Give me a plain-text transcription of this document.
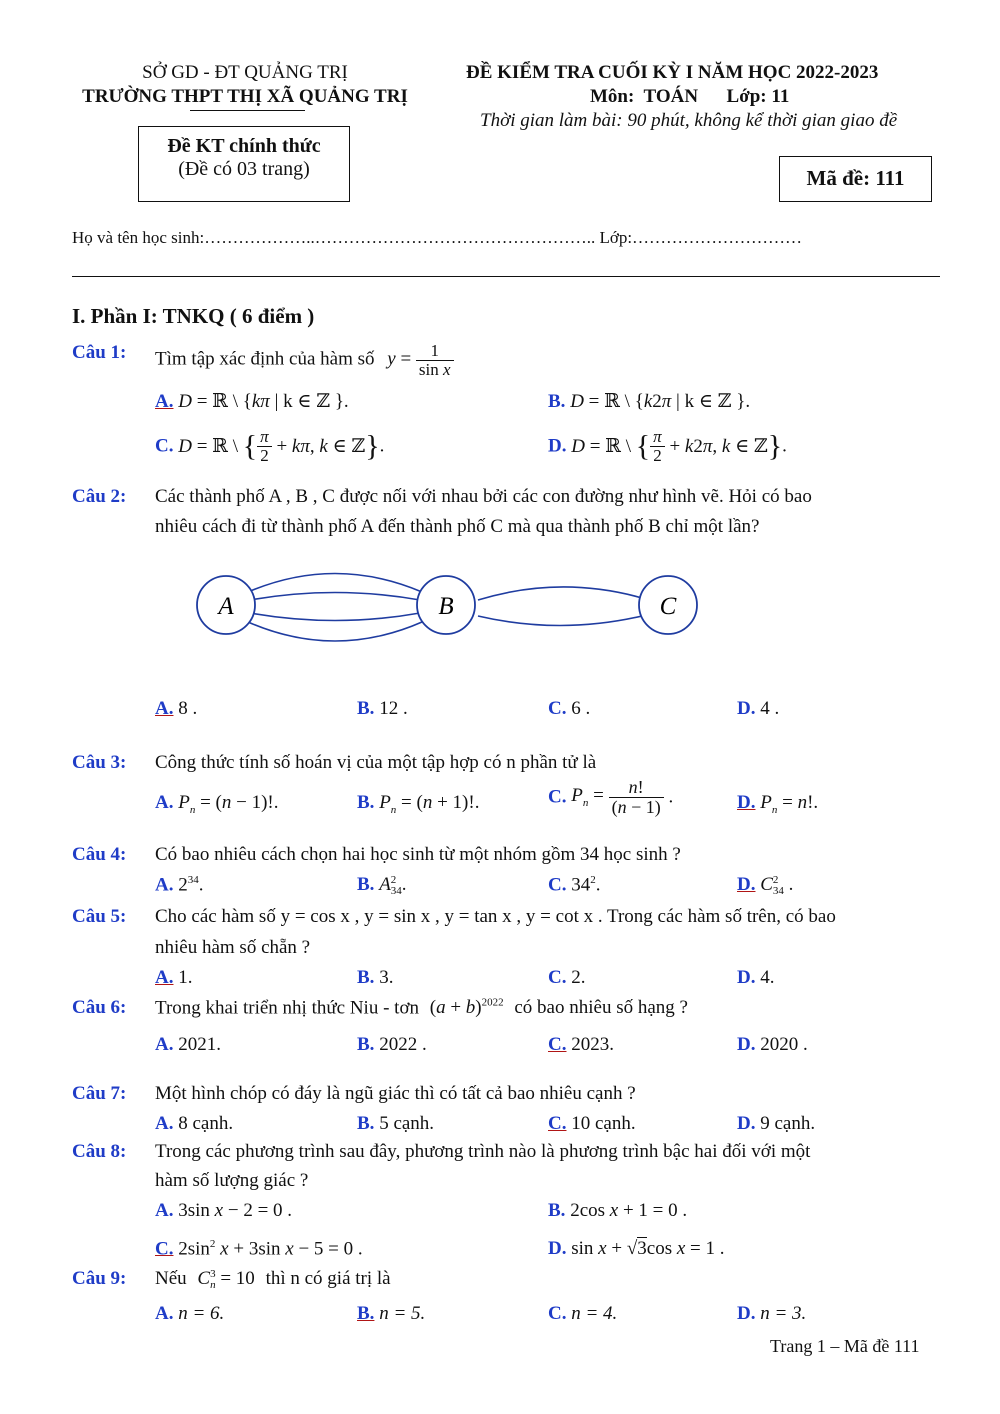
SỞ GD - ĐT QUẢNG TRỊ
TRƯỜNG THPT THỊ XÃ QUẢNG TRỊ
ĐỀ KIỂM TRA CUỐI KỲ I NĂM HỌC 2022-2023
Môn:  TOÁN      Lớp: 11
Thời gian làm bài: 90 phút, không kể thời gian giao đề
Đề KT chính thức
(Đề có 03 trang)	Mã đề: 111
Họ và tên học sinh:………………..………………………………………….. Lớp:…………………………
I. Phần I: TNKQ ( 6 điểm )
Câu 1: Tìm tập xác định của hàm số $y = \frac{1}{\text{sin x}}$
A. D = ℝ \ {kπ | k ∈ ℤ }.	B. D = ℝ \ {k2π | k ∈ ℤ }.
C. D = ℝ \ { $\frac{\pi}{2} + k\pi$, k ∈ ℤ}.	D. D = ℝ \ { $\frac{\pi}{2} + k2\pi$, k ∈ ℤ}.
Câu 2: Các thành phố A , B , C được nối với nhau bởi các con đường như hình vẽ. Hỏi có bao
nhiêu cách đi từ thành phố A đến thành phố C mà qua thành phố B chỉ một lần?
A	B	C
A. 8 .	B. 12 .	C. 6 .	D. 4 .
Câu 3: Công thức tính số hoán vị của một tập hợp có n phần tử là
A. $P_n = (n - 1)$!.	B. $P_n = (n + 1)$!.	C. $P_n = \frac{n!}{(n - 1)}$ .	D. $P_n = n$!.
Câu 4: Có bao nhiêu cách chọn hai học sinh từ một nhóm gồm 34 học sinh ?
A. $2^{34}$.	B. A 2
34 .	C. $34^2$.	D. C 2
34 .
Câu 5: Cho các hàm số y = cos x , y = sin x , y = tan x , y = cot x . Trong các hàm số trên, có bao
nhiêu hàm số chẵn ?
A. 1.	B. 3.	C. 2.	D. 4.
Câu 6: Trong khai triển nhị thức Niu - tơn $(a + b)^{2022}$ có bao nhiêu số hạng ?
A. 2021.	B. 2022 .	C. 2023.	D. 2020 .
Câu 7: Một hình chóp có đáy là ngũ giác thì có tất cả bao nhiêu cạnh ?
A. 8 cạnh.	B. 5 cạnh.	C. 10 cạnh.	D. 9 cạnh.
Câu 8: Trong các phương trình sau đây, phương trình nào là phương trình bậc hai đối với một
hàm số lượng giác ?
A. 3sin x − 2 = 0 .	B. 2cos x + 1 = 0 .
C. $2\sin^2$ x + 3sin x − 5 = 0 .	D. sin x + √3cos x = 1 .
Câu 9: Nếu C 3
n = 10 thì n có giá trị là
A. n = 6.	B. n = 5.	C. n = 4.	D. n = 3.
Trang 1 – Mã đề 111
